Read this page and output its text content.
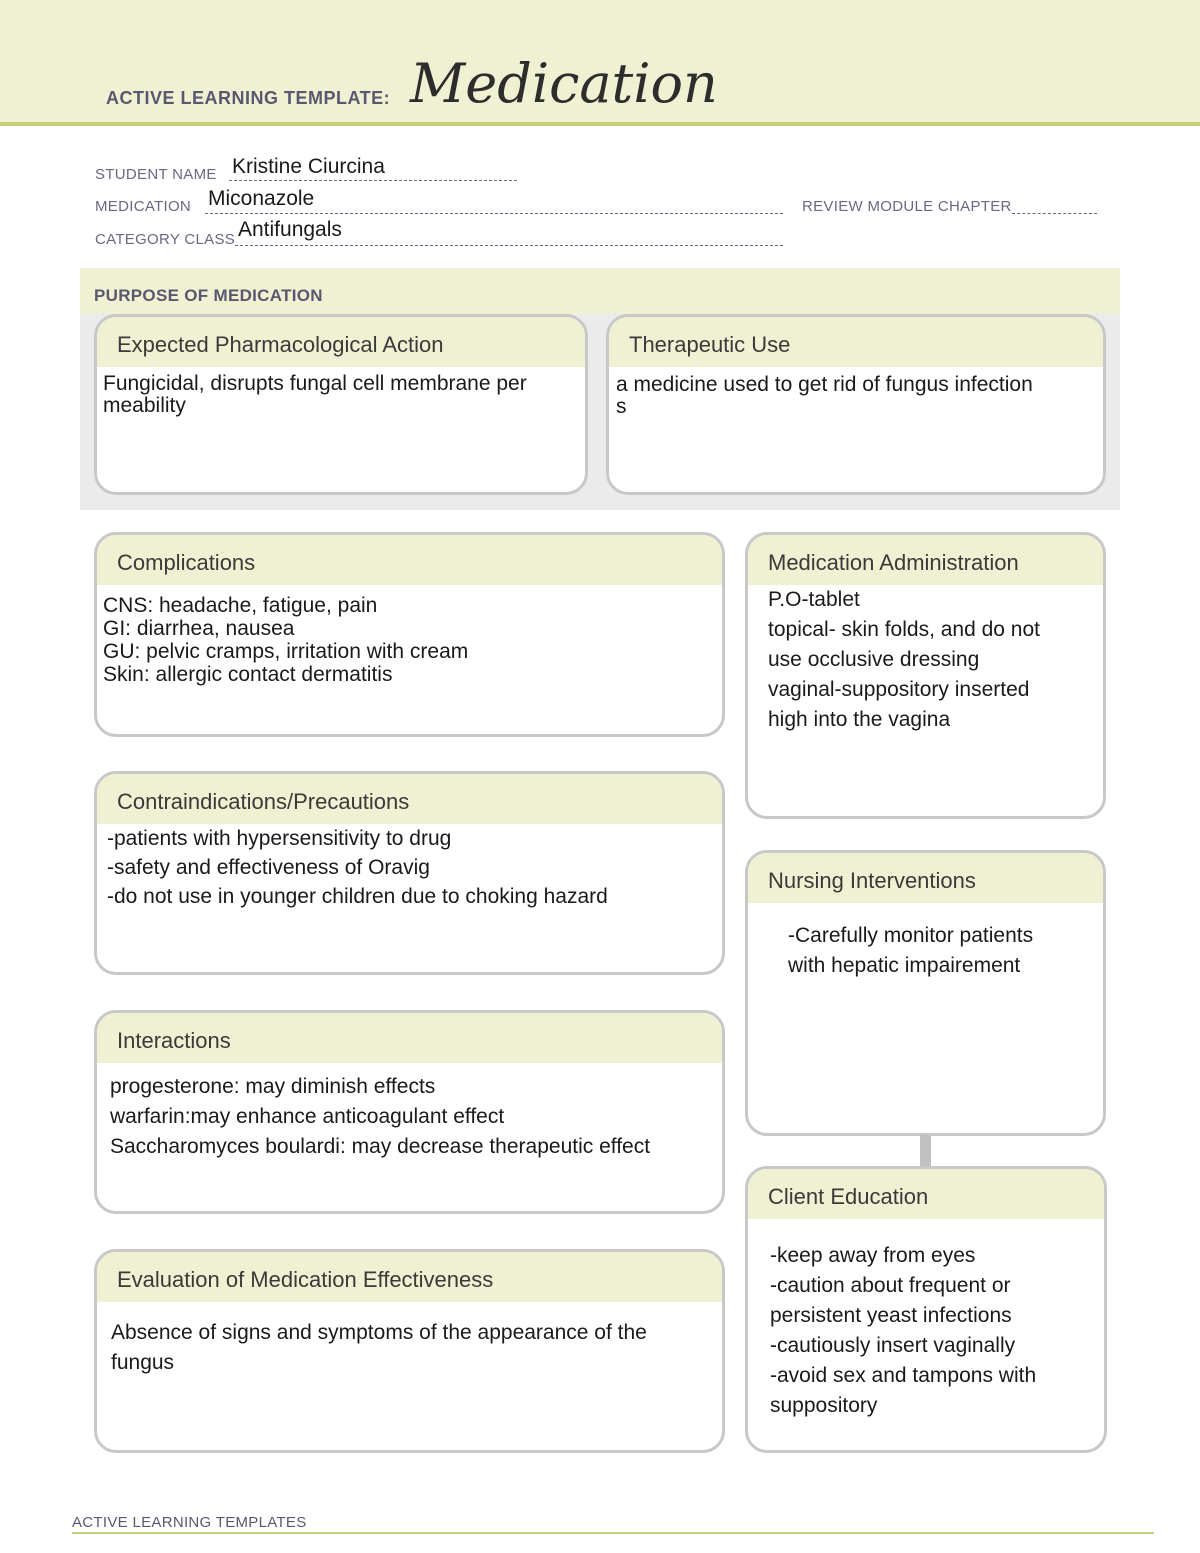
ACTIVE LEARNING TEMPLATE: Medication
STUDENT NAME Kristine Ciurcina
MEDICATION Miconazole	REVIEW MODULE CHAPTER
CATEGORY CLASS Antifungals
PURPOSE OF MEDICATION
Expected Pharmacological Action
Fungicidal, disrupts fungal cell membrane per
meability
Therapeutic Use
a medicine used to get rid of fungus infection
s
Complications
CNS: headache, fatigue, pain
GI: diarrhea, nausea
GU: pelvic cramps, irritation with cream
Skin: allergic contact dermatitis
Contraindications/Precautions
-patients with hypersensitivity to drug
-safety and effectiveness of Oravig
-do not use in younger children due to choking hazard
Interactions
progesterone: may diminish effects
warfarin:may enhance anticoagulant effect
Saccharomyces boulardi: may decrease therapeutic effect
Evaluation of Medication Effectiveness
Absence of signs and symptoms of the appearance of the
fungus
Medication Administration
P.O-tablet
topical- skin folds, and do not
use occlusive dressing
vaginal-suppository inserted
high into the vagina
Nursing Interventions
-Carefully monitor patients
with hepatic impairement
Client Education
-keep away from eyes
-caution about frequent or
persistent yeast infections
-cautiously insert vaginally
-avoid sex and tampons with
suppository
ACTIVE LEARNING TEMPLATES
